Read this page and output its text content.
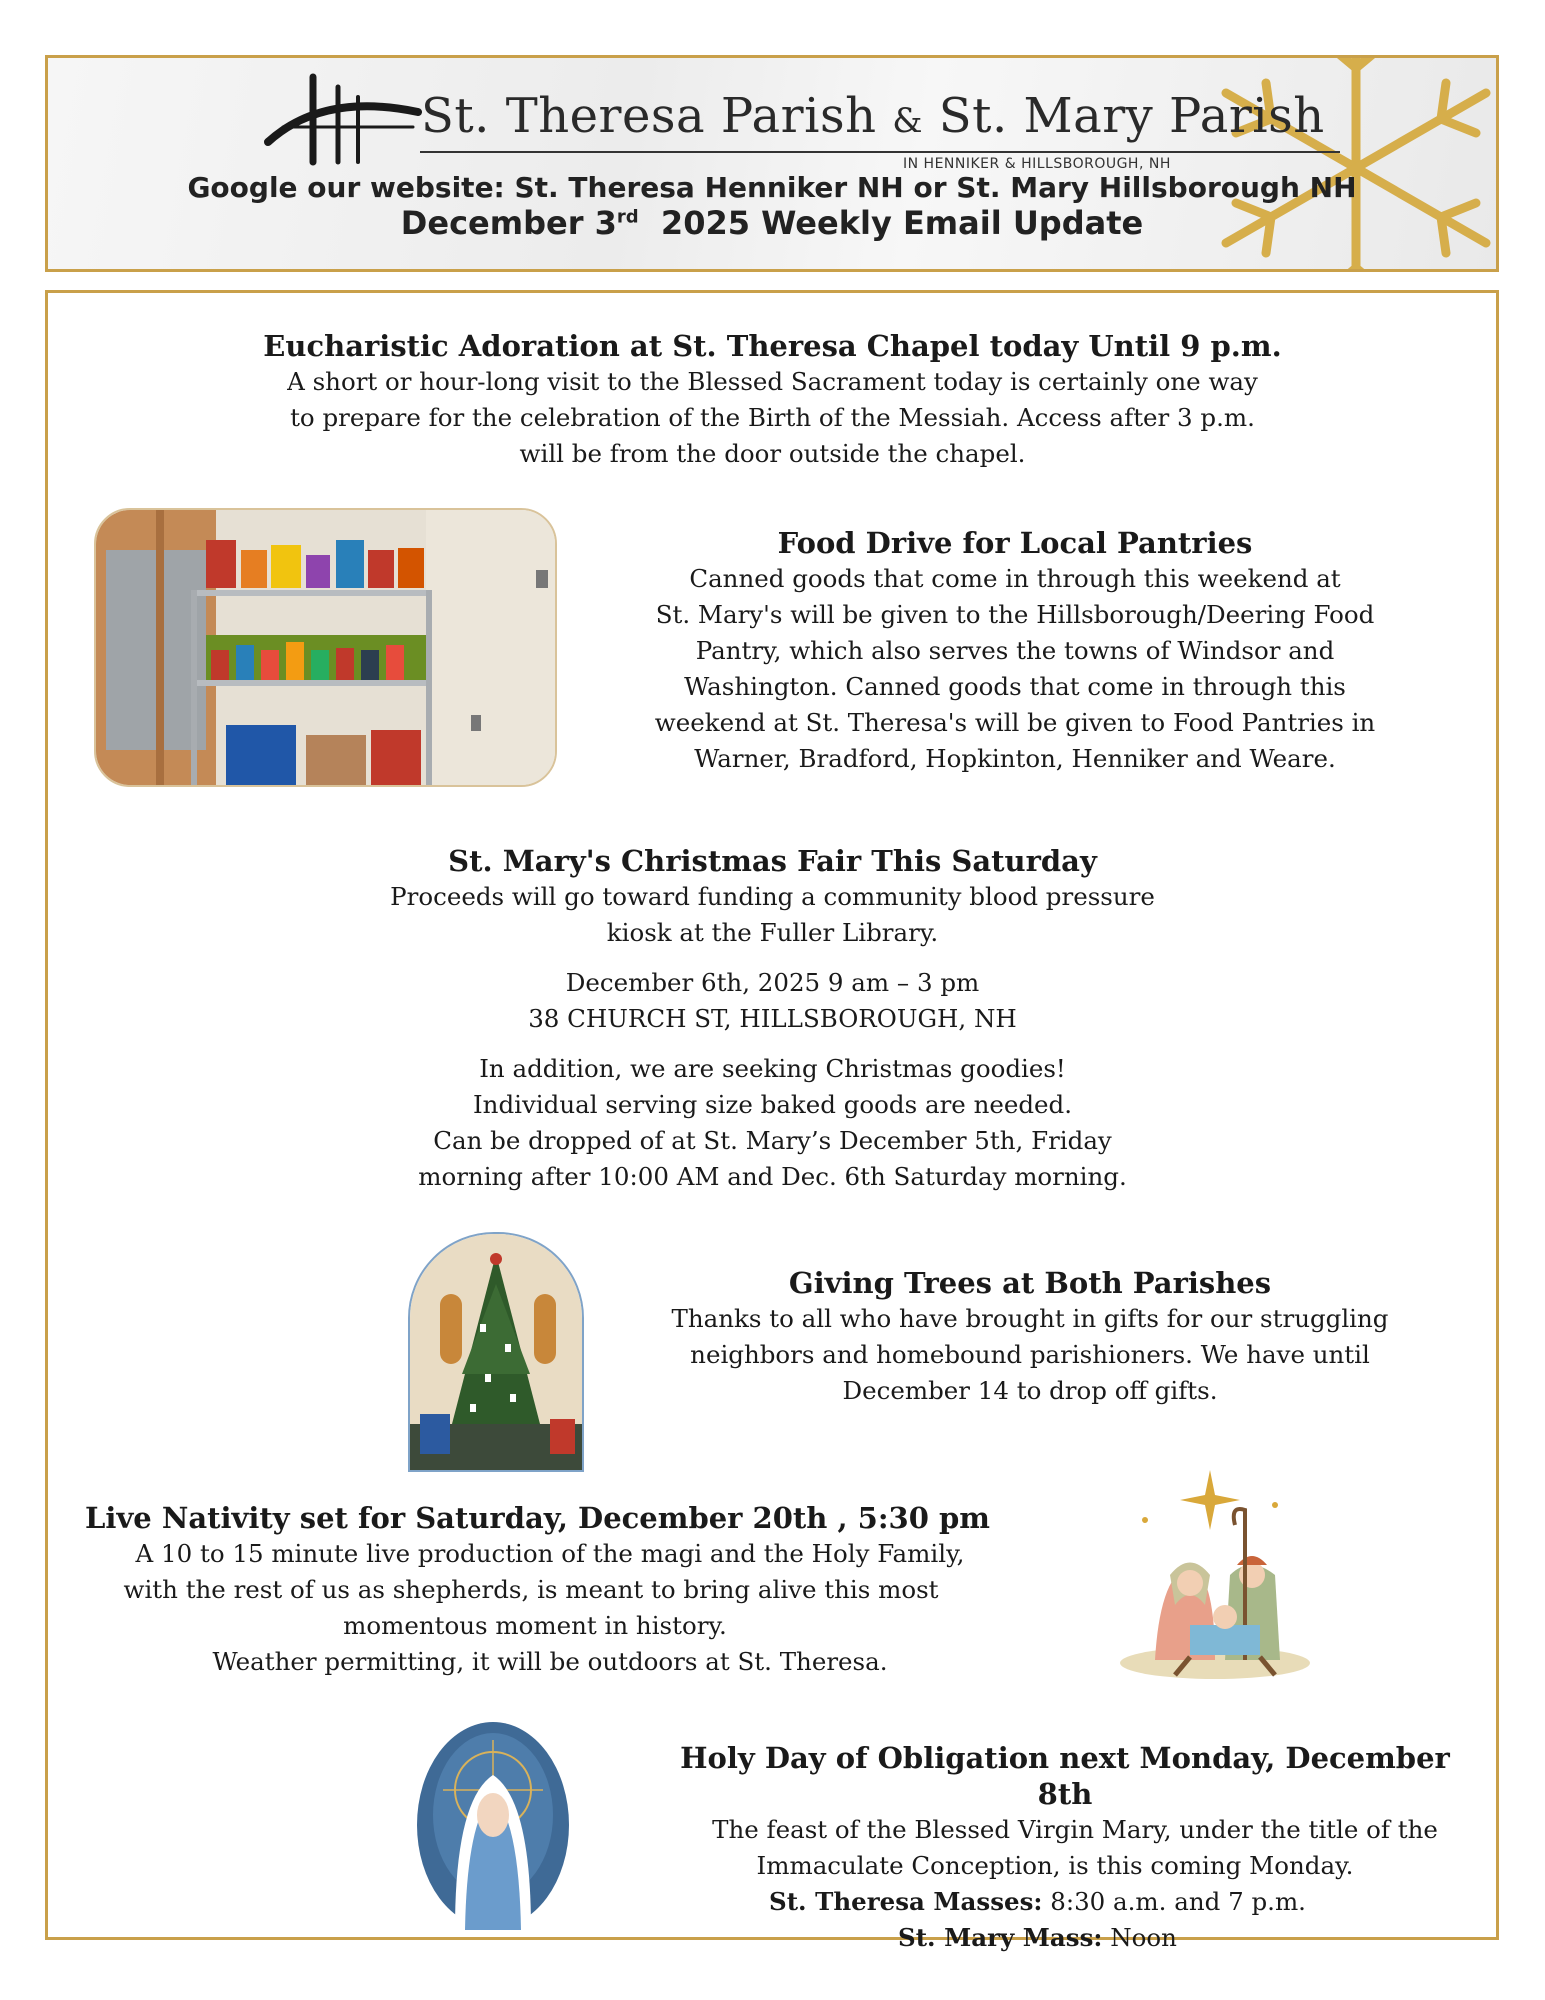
St. Theresa Parish & St. Mary Parish
IN HENNIKER & HILLSBOROUGH, NH
Google our website: St. Theresa Henniker NH or St. Mary Hillsborough NH
December 3rd 2025 Weekly Email Update

Eucharistic Adoration at St. Theresa Chapel today Until 9 p.m.

A short or hour-long visit to the Blessed Sacrament today is certainly one way

to prepare for the celebration of the Birth of the Messiah. Access after 3 p.m.

will be from the door outside the chapel.

Food Drive for Local Pantries

Canned goods that come in through this weekend at

St. Mary's will be given to the Hillsborough/Deering Food

Pantry, which also serves the towns of Windsor and

Washington. Canned goods that come in through this

weekend at St. Theresa's will be given to Food Pantries in

Warner, Bradford, Hopkinton, Henniker and Weare.

St. Mary's Christmas Fair This Saturday

Proceeds will go toward funding a community blood pressure

kiosk at the Fuller Library.

December 6th, 2025 9 am – 3 pm

38 CHURCH ST, HILLSBOROUGH, NH

In addition, we are seeking Christmas goodies!

Individual serving size baked goods are needed.

Can be dropped of at St. Mary’s December 5th, Friday

morning after 10:00 AM and Dec. 6th Saturday morning.

Giving Trees at Both Parishes

Thanks to all who have brought in gifts for our struggling

neighbors and homebound parishioners. We have until

December 14 to drop off gifts.

Live Nativity set for Saturday, December 20th , 5:30 pm

A 10 to 15 minute live production of the magi and the Holy Family,

with the rest of us as shepherds, is meant to bring alive this most

momentous moment in history.

Weather permitting, it will be outdoors at St. Theresa.

Holy Day of Obligation next Monday, December 8th

The feast of the Blessed Virgin Mary, under the title of the

Immaculate Conception, is this coming Monday.

St. Theresa Masses: 8:30 a.m. and 7 p.m.

St. Mary Mass: Noon
